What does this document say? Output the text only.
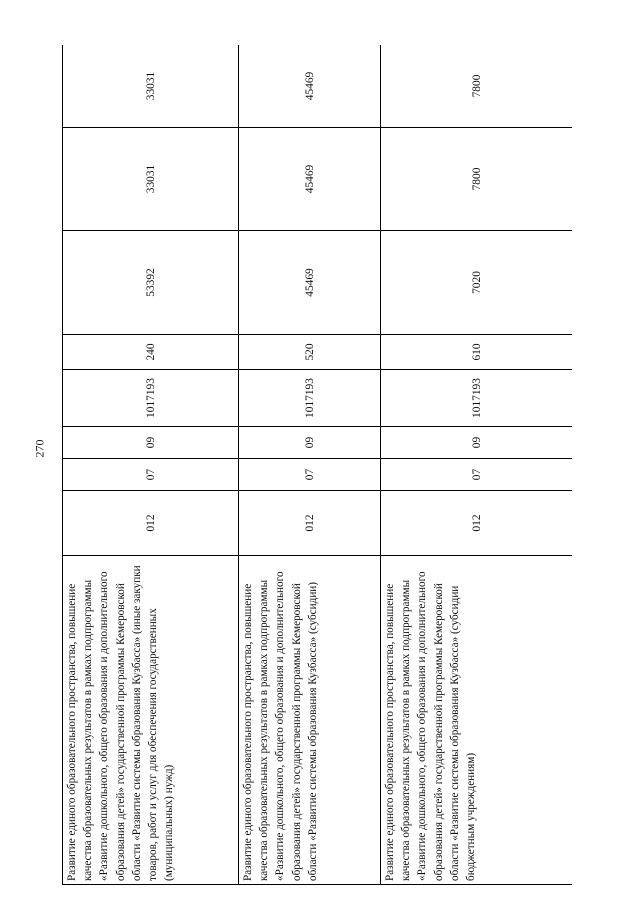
270
Развитие единого образовательного пространства, повышение качества образовательных результатов в рамках подпрограммы «Развитие дошкольного, общего образования и дополнительного образования детей» государственной программы Кемеровской области «Развитие системы образования Кузбасса» (иные закупки товаров, работ и услуг для обеспечения государственных (муниципальных) нужд)	012	07	09	1017193	240	53392	33031	33031
Развитие единого образовательного пространства, повышение качества образовательных результатов в рамках подпрограммы «Развитие дошкольного, общего образования и дополнительного образования детей» государственной программы Кемеровской области «Развитие системы образования Кузбасса» (субсидии)	012	07	09	1017193	520	45469	45469	45469
Развитие единого образовательного пространства, повышение качества образовательных результатов в рамках подпрограммы «Развитие дошкольного, общего образования и дополнительного образования детей» государственной программы Кемеровской области «Развитие системы образования Кузбасса» (субсидии бюджетным учреждениям)	012	07	09	1017193	610	7020	7800	7800
